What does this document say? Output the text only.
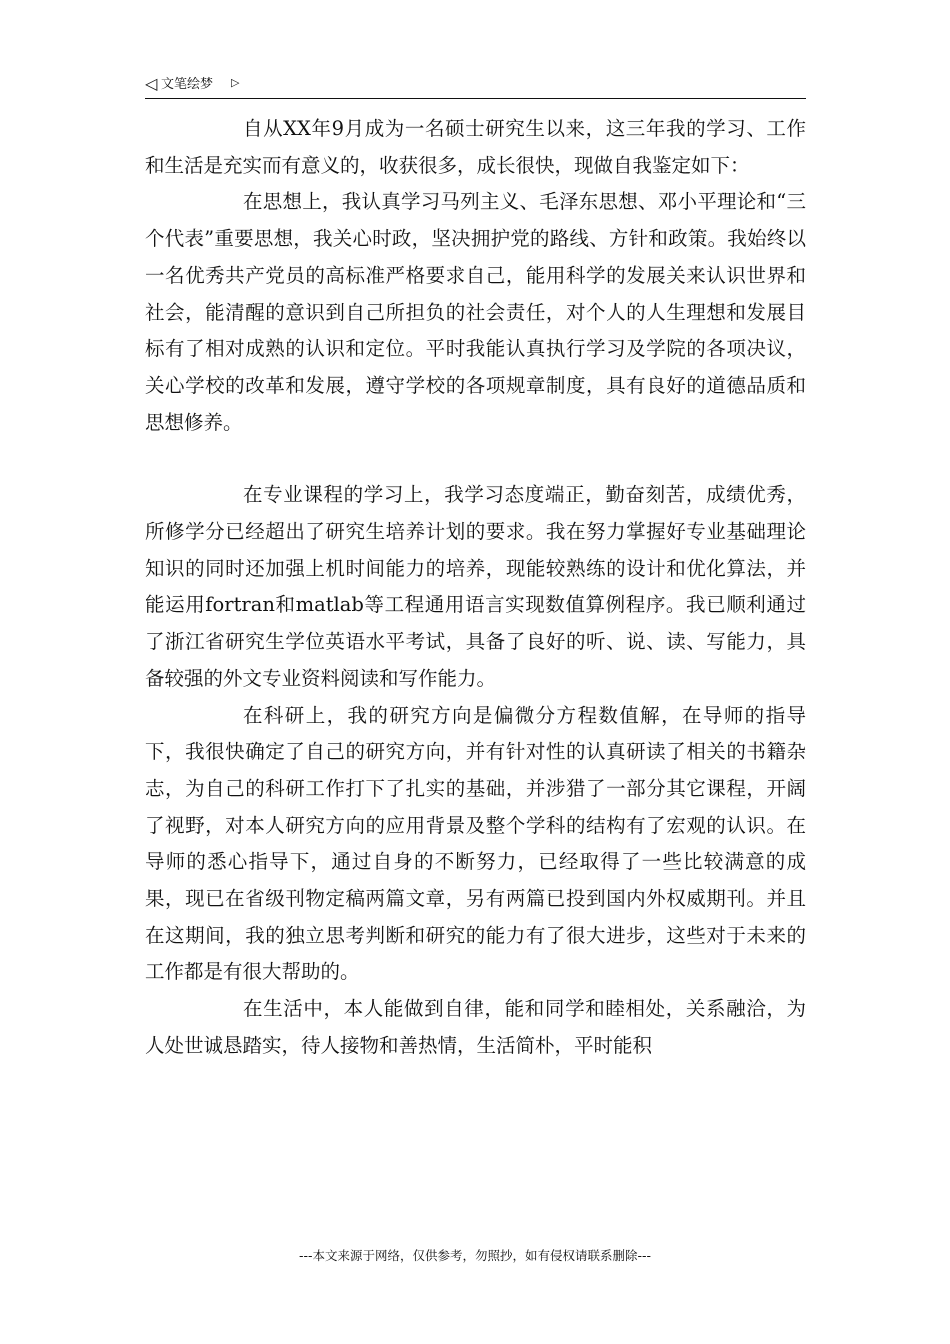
◁ 文笔绘梦 ▷

自从XX年9月成为一名硕士研究生以来，这三年我的学习、工作和生活是充实而有意义的，收获很多，成长很快，现做自我鉴定如下：

在思想上，我认真学习马列主义、毛泽东思想、邓小平理论和“三个代表”重要思想，我关心时政，坚决拥护党的路线、方针和政策。我始终以一名优秀共产党员的高标准严格要求自己，能用科学的发展关来认识世界和社会，能清醒的意识到自己所担负的社会责任，对个人的人生理想和发展目标有了相对成熟的认识和定位。平时我能认真执行学习及学院的各项决议，关心学校的改革和发展，遵守学校的各项规章制度，具有良好的道德品质和思想修养。

在专业课程的学习上，我学习态度端正，勤奋刻苦，成绩优秀，所修学分已经超出了研究生培养计划的要求。我在努力掌握好专业基础理论知识的同时还加强上机时间能力的培养，现能较熟练的设计和优化算法，并能运用fortran和matlab等工程通用语言实现数值算例程序。我已顺利通过了浙江省研究生学位英语水平考试，具备了良好的听、说、读、写能力，具备较强的外文专业资料阅读和写作能力。

在科研上，我的研究方向是偏微分方程数值解，在导师的指导下，我很快确定了自己的研究方向，并有针对性的认真研读了相关的书籍杂志，为自己的科研工作打下了扎实的基础，并涉猎了一部分其它课程，开阔了视野，对本人研究方向的应用背景及整个学科的结构有了宏观的认识。在导师的悉心指导下，通过自身的不断努力，已经取得了一些比较满意的成果，现已在省级刊物定稿两篇文章，另有两篇已投到国内外权威期刊。并且在这期间，我的独立思考判断和研究的能力有了很大进步，这些对于未来的工作都是有很大帮助的。

在生活中，本人能做到自律，能和同学和睦相处，关系融洽，为人处世诚恳踏实，待人接物和善热情，生活简朴，平时能积

---本文来源于网络，仅供参考，勿照抄，如有侵权请联系删除---
